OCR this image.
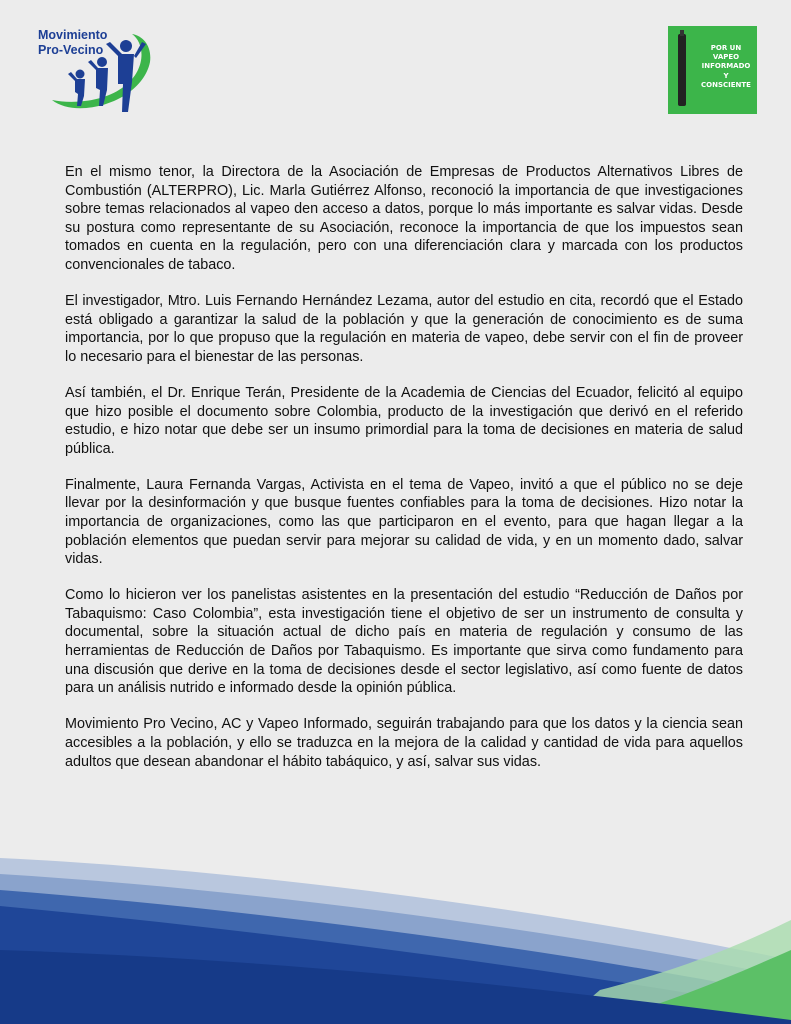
Movimiento
Pro-Vecino	POR UN
VAPEO
INFORMADO
Y
CONSCIENTE

En el mismo tenor, la Directora de la Asociación de Empresas de Productos Alternativos Libres de Combustión (ALTERPRO), Lic. Marla Gutiérrez Alfonso, reconoció la importancia de que investigaciones sobre temas relacionados al vapeo den acceso a datos, porque lo más importante es salvar vidas. Desde su postura como representante de su Asociación, reconoce la importancia de que los impuestos sean tomados en cuenta en la regulación, pero con una diferenciación clara y marcada con los productos convencionales de tabaco.

El investigador, Mtro. Luis Fernando Hernández Lezama, autor del estudio en cita, recordó que el Estado está obligado a garantizar la salud de la población y que la generación de conocimiento es de suma importancia, por lo que propuso que la regulación en materia de vapeo, debe servir con el fin de proveer lo necesario para el bienestar de las personas.

Así también, el Dr. Enrique Terán, Presidente de la Academia de Ciencias del Ecuador, felicitó al equipo que hizo posible el documento sobre Colombia, producto de la investigación que derivó en el referido estudio, e hizo notar que debe ser un insumo primordial para la toma de decisiones en materia de salud pública.

Finalmente, Laura Fernanda Vargas, Activista en el tema de Vapeo, invitó a que el público no se deje llevar por la desinformación y que busque fuentes confiables para la toma de decisiones. Hizo notar la importancia de organizaciones, como las que participaron en el evento, para que hagan llegar a la población elementos que puedan servir para mejorar su calidad de vida, y en un momento dado, salvar vidas.

Como lo hicieron ver los panelistas asistentes en la presentación del estudio “Reducción de Daños por Tabaquismo: Caso Colombia”, esta investigación tiene el objetivo de ser un instrumento de consulta y documental, sobre la situación actual de dicho país en materia de regulación y consumo de las herramientas de Reducción de Daños por Tabaquismo. Es importante que sirva como fundamento para una discusión que derive en la toma de decisiones desde el sector legislativo, así como fuente de datos para un análisis nutrido e informado desde la opinión pública.

Movimiento Pro Vecino, AC y Vapeo Informado, seguirán trabajando para que los datos y la ciencia sean accesibles a la población, y ello se traduzca en la mejora de la calidad y cantidad de vida para aquellos adultos que desean abandonar el hábito tabáquico, y así, salvar sus vidas.
